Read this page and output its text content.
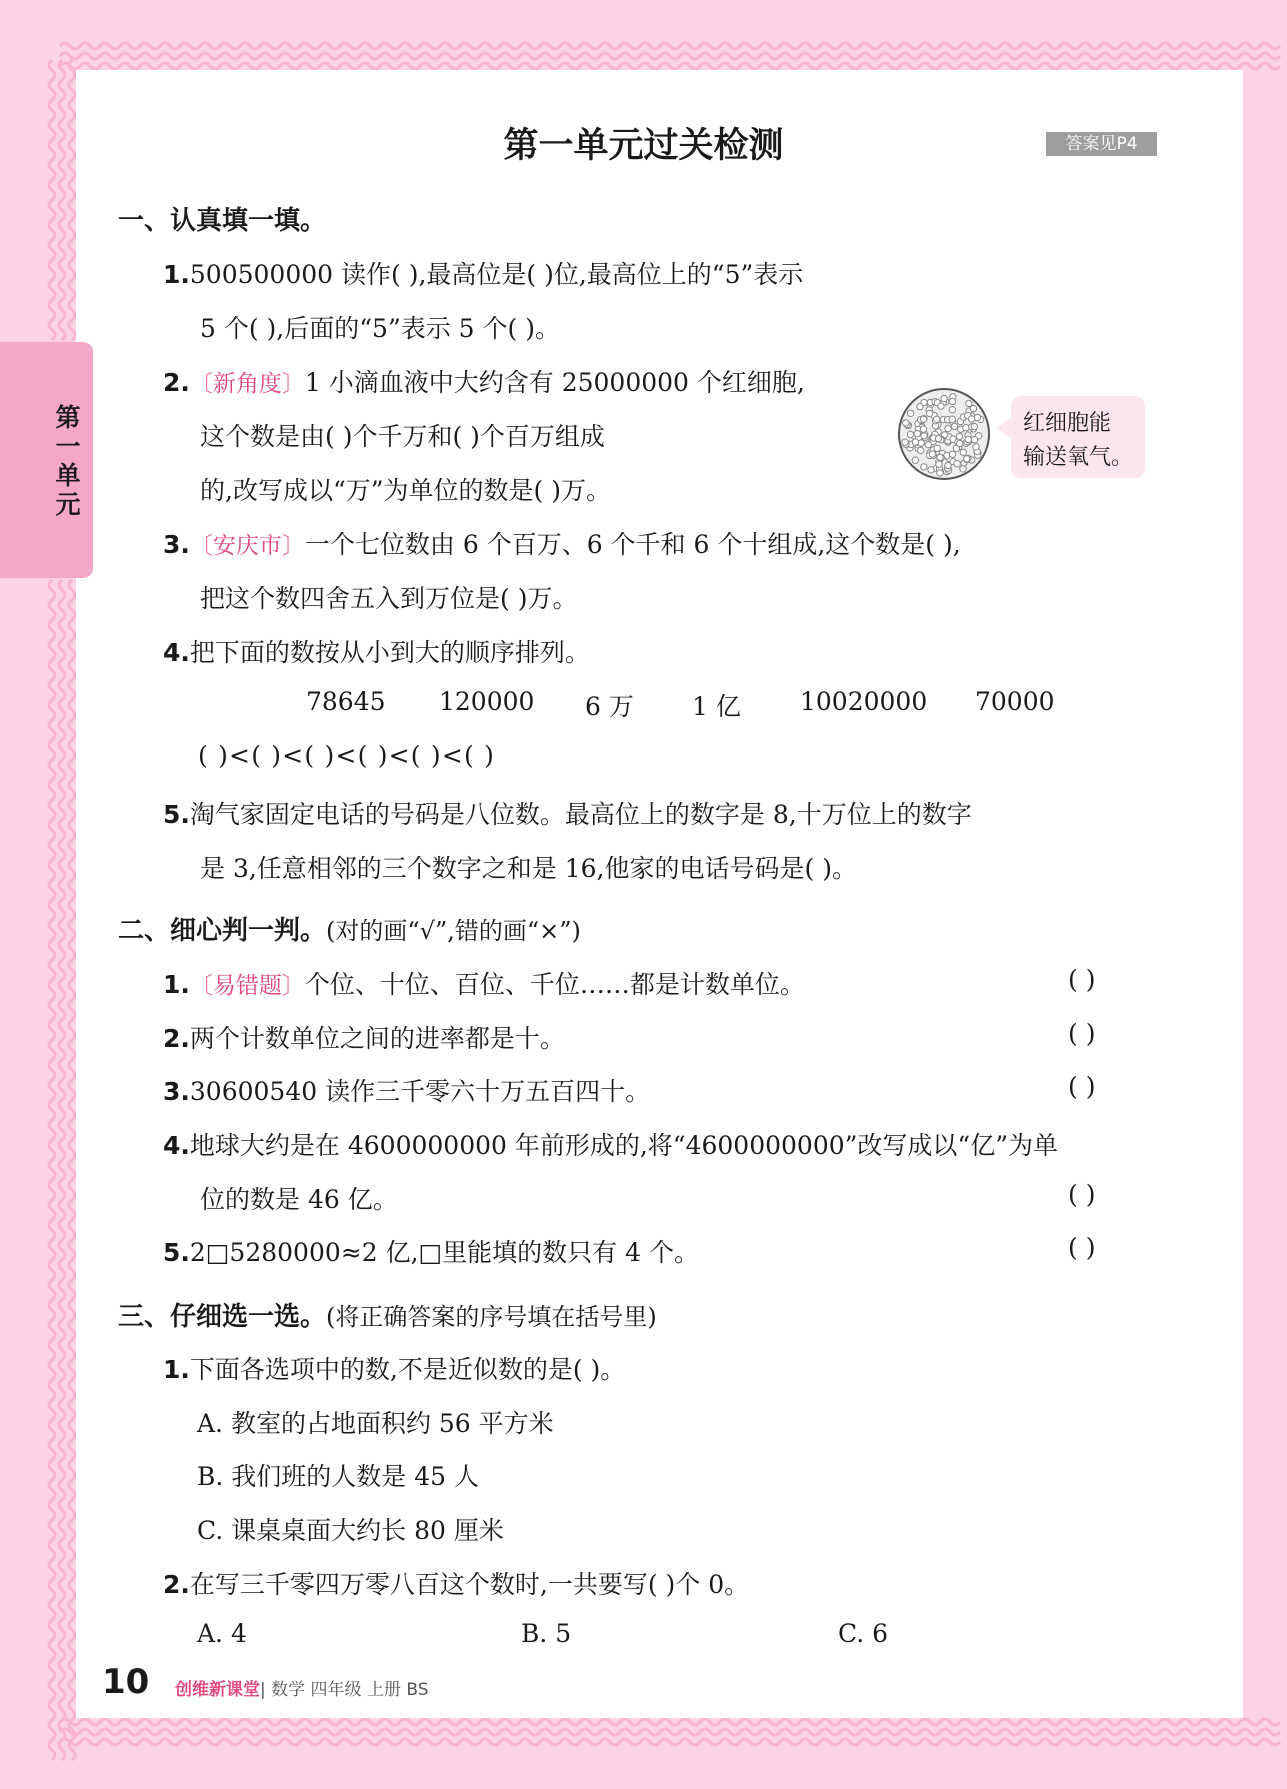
第一单元
第一单元过关检测	答案见P4
一、认真填一填。
1.500500000 读作( ),最高位是( )位,最高位上的“5”表示
5 个( ),后面的“5”表示 5 个( )。
2.〔新角度〕1 小滴血液中大约含有 25000000 个红细胞,
这个数是由( )个千万和( )个百万组成
的,改写成以“万”为单位的数是( )万。
红细胞能
输送氧气。
3.〔安庆市〕一个七位数由 6 个百万、6 个千和 6 个十组成,这个数是( ),
把这个数四舍五入到万位是( )万。
4.把下面的数按从小到大的顺序排列。
78645 120000 6 万 1 亿 10020000 70000
( )<( )<( )<( )<( )<( )
5.淘气家固定电话的号码是八位数。最高位上的数字是 8,十万位上的数字
是 3,任意相邻的三个数字之和是 16,他家的电话号码是( )。
二、细心判一判。(对的画“√”,错的画“×”)
1.〔易错题〕个位、十位、百位、千位……都是计数单位。	( )
2.两个计数单位之间的进率都是十。	( )
3.30600540 读作三千零六十万五百四十。	( )
4.地球大约是在 4600000000 年前形成的,将“4600000000”改写成以“亿”为单
位的数是 46 亿。	( )
5.2□5280000≈2 亿,□里能填的数只有 4 个。	( )
三、仔细选一选。(将正确答案的序号填在括号里)
1.下面各选项中的数,不是近似数的是( )。
A. 教室的占地面积约 56 平方米
B. 我们班的人数是 45 人
C. 课桌桌面大约长 80 厘米
2.在写三千零四万零八百这个数时,一共要写( )个 0。
A. 4	B. 5	C. 6
10 创维新课堂| 数学 四年级 上册 BS
